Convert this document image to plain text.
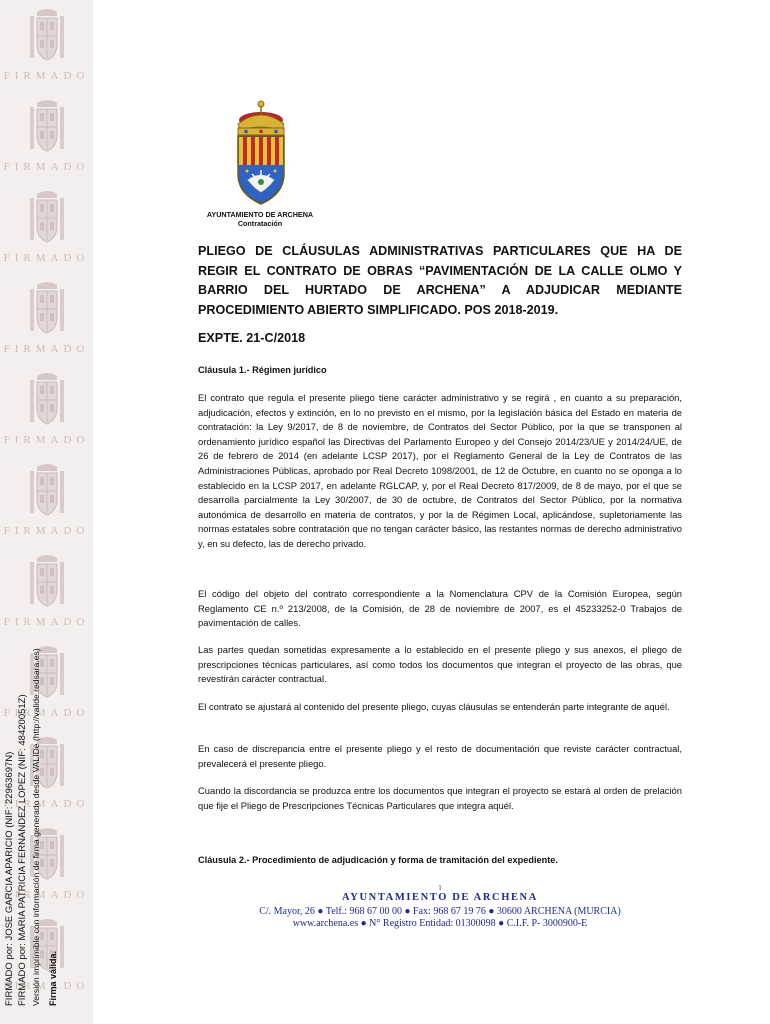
FIRMADO
FIRMADO
FIRMADO
FIRMADO
FIRMADO
FIRMADO
FIRMADO
FIRMADO
FIRMADO
FIRMADO
FIRMADO
FIRMADO por: JOSE GARCIA APARICIO (NIF: 22963697N) FIRMADO por: MARIA PATRICIA FERNANDEZ LOPEZ (NIF: 48420051Z) Versión imprimible con información de firma generado desde VALIDe (http://valide.redsara.es) Firma válida.
AYUNTAMIENTO DE ARCHENA
Contratación
PLIEGO DE CLÁUSULAS ADMINISTRATIVAS PARTICULARES QUE HA DE
REGIR EL CONTRATO DE OBRAS “PAVIMENTACIÓN DE LA CALLE OLMO Y
BARRIO DEL HURTADO DE ARCHENA” A ADJUDICAR MEDIANTE
PROCEDIMIENTO ABIERTO SIMPLIFICADO. POS 2018-2019.
EXPTE. 21-C/2018
Cláusula 1.- Régimen jurídico
El contrato que regula el presente pliego tiene carácter administrativo y se regirá , en cuanto a su preparación, adjudicación, efectos y extinción, en lo no previsto en el mismo, por la legislación básica del Estado en materia de contratación: la Ley 9/2017, de 8 de noviembre, de Contratos del Sector Público, por la que se transponen al ordenamiento jurídico español las Directivas del Parlamento Europeo y del Consejo 2014/23/UE y 2014/24/UE, de 26 de febrero de 2014 (en adelante LCSP 2017), por el Reglamento General de la Ley de Contratos de las Administraciones Públicas, aprobado por Real Decreto 1098/2001, de 12 de Octubre, en cuanto no se oponga a lo establecido en la LCSP 2017, en adelante RGLCAP, y, por el Real Decreto 817/2009, de 8 de mayo, por el que se desarrolla parcialmente la Ley 30/2007, de 30 de octubre, de Contratos del Sector Público, por la normativa autonómica de desarrollo en materia de contratos, y por la de Régimen Local, aplicándose, supletoriamente las normas estatales sobre contratación que no tengan carácter básico, las restantes normas de derecho administrativo y, en su defecto, las de derecho privado.
El código del objeto del contrato correspondiente a la Nomenclatura CPV de la Comisión Europea, según Reglamento CE n.º 213/2008, de la Comisión, de 28 de noviembre de 2007, es el 45233252-0 Trabajos de pavimentación de calles.
Las partes quedan sometidas expresamente a lo establecido en el presente pliego y sus anexos, el pliego de prescripciones técnicas particulares, así como todos los documentos que integran el proyecto de las obras, que revestirán carácter contractual.
El contrato se ajustará al contenido del presente pliego, cuyas cláusulas se entenderán parte integrante de aquél.
En caso de discrepancia entre el presente pliego y el resto de documentación que reviste carácter contractual, prevalecerá el presente pliego.
Cuando la discordancia se produzca entre los documentos que integran el proyecto se estará al orden de prelación que fije el Pliego de Prescripciones Técnicas Particulares que integra aquél.
Cláusula 2.- Procedimiento de adjudicación y forma de tramitación del expediente.
1
AYUNTAMIENTO DE ARCHENA
C/. Mayor, 26 ● Telf.: 968 67 00 00 ● Fax: 968 67 19 76 ● 30600 ARCHENA (MURCIA)
www.archena.es ● N° Registro Entidad: 01300098 ● C.I.F. P- 3000900-E
